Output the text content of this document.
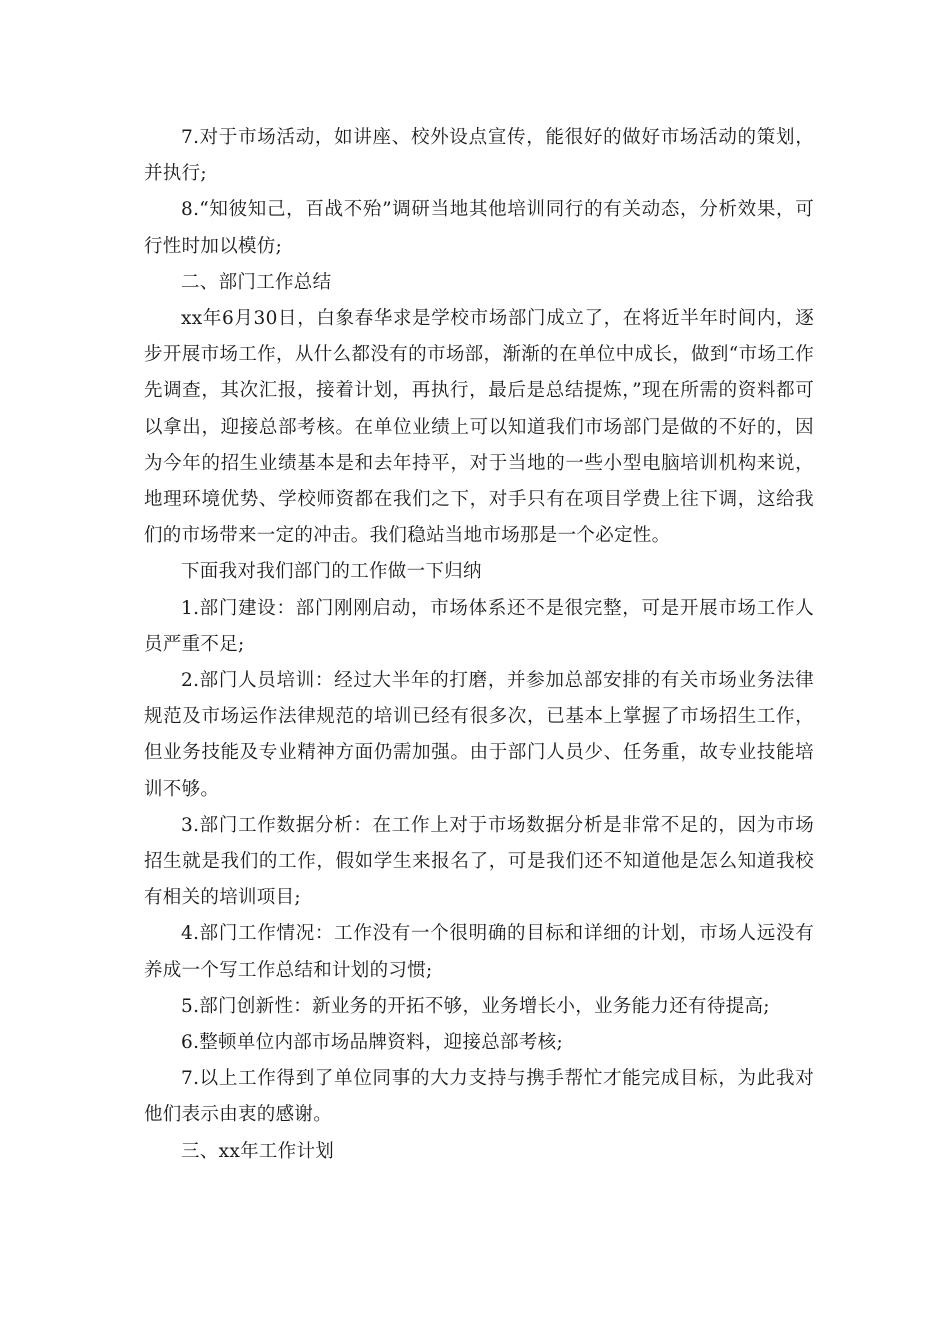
7.对于市场活动，如讲座、校外设点宣传，能很好的做好市场活动的策划，并执行;

8.“知彼知己，百战不殆”调研当地其他培训同行的有关动态，分析效果，可行性时加以模仿;

二、部门工作总结

xx年6月30日，白象春华求是学校市场部门成立了，在将近半年时间内，逐步开展市场工作，从什么都没有的市场部，渐渐的在单位中成长，做到“市场工作先调查，其次汇报，接着计划，再执行，最后是总结提炼，”现在所需的资料都可以拿出，迎接总部考核。在单位业绩上可以知道我们市场部门是做的不好的，因为今年的招生业绩基本是和去年持平，对于当地的一些小型电脑培训机构来说，地理环境优势、学校师资都在我们之下，对手只有在项目学费上往下调，这给我们的市场带来一定的冲击。我们稳站当地市场那是一个必定性。

下面我对我们部门的工作做一下归纳

1.部门建设：部门刚刚启动，市场体系还不是很完整，可是开展市场工作人员严重不足;

2.部门人员培训：经过大半年的打磨，并参加总部安排的有关市场业务法律规范及市场运作法律规范的培训已经有很多次，已基本上掌握了市场招生工作，但业务技能及专业精神方面仍需加强。由于部门人员少、任务重，故专业技能培训不够。

3.部门工作数据分析：在工作上对于市场数据分析是非常不足的，因为市场招生就是我们的工作，假如学生来报名了，可是我们还不知道他是怎么知道我校有相关的培训项目;

4.部门工作情况：工作没有一个很明确的目标和详细的计划，市场人远没有养成一个写工作总结和计划的习惯;

5.部门创新性：新业务的开拓不够，业务增长小，业务能力还有待提高;

6.整顿单位内部市场品牌资料，迎接总部考核;

7.以上工作得到了单位同事的大力支持与携手帮忙才能完成目标，为此我对他们表示由衷的感谢。

三、xx年工作计划
